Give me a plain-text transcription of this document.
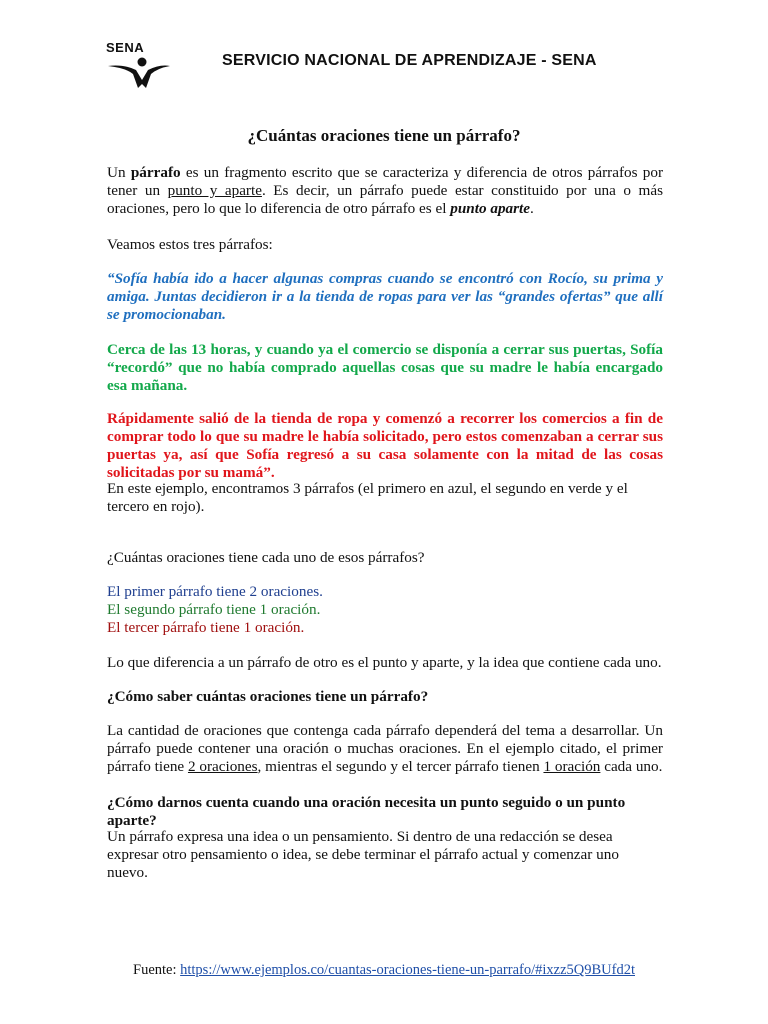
SENA
SERVICIO NACIONAL DE APRENDIZAJE - SENA
¿Cuántas oraciones tiene un párrafo?
Un párrafo es un fragmento escrito que se caracteriza y diferencia de otros párrafos por tener un punto y aparte. Es decir, un párrafo puede estar constituido por una o más oraciones, pero lo que lo diferencia de otro párrafo es el punto aparte.
Veamos estos tres párrafos:
“Sofía había ido a hacer algunas compras cuando se encontró con Rocío, su prima y amiga. Juntas decidieron ir a la tienda de ropas para ver las “grandes ofertas” que allí se promocionaban.
Cerca de las 13 horas, y cuando ya el comercio se disponía a cerrar sus puertas, Sofía “recordó” que no había comprado aquellas cosas que su madre le había encargado esa mañana.
Rápidamente salió de la tienda de ropa y comenzó a recorrer los comercios a fin de comprar todo lo que su madre le había solicitado, pero estos comenzaban a cerrar sus puertas ya, así que Sofía regresó a su casa solamente con la mitad de las cosas solicitadas por su mamá”.
En este ejemplo, encontramos 3 párrafos (el primero en azul, el segundo en verde y el tercero en rojo).
¿Cuántas oraciones tiene cada uno de esos párrafos?
El primer párrafo tiene 2 oraciones.
El segundo párrafo tiene 1 oración.
El tercer párrafo tiene 1 oración.
Lo que diferencia a un párrafo de otro es el punto y aparte, y la idea que contiene cada uno.
¿Cómo saber cuántas oraciones tiene un párrafo?
La cantidad de oraciones que contenga cada párrafo dependerá del tema a desarrollar. Un párrafo puede contener una oración o muchas oraciones. En el ejemplo citado, el primer párrafo tiene 2 oraciones, mientras el segundo y el tercer párrafo tienen 1 oración cada uno.
¿Cómo darnos cuenta cuando una oración necesita un punto seguido o un punto aparte?
Un párrafo expresa una idea o un pensamiento. Si dentro de una redacción se desea expresar otro pensamiento o idea, se debe terminar el párrafo actual y comenzar uno nuevo.
Fuente: https://www.ejemplos.co/cuantas-oraciones-tiene-un-parrafo/#ixzz5Q9BUfd2t
